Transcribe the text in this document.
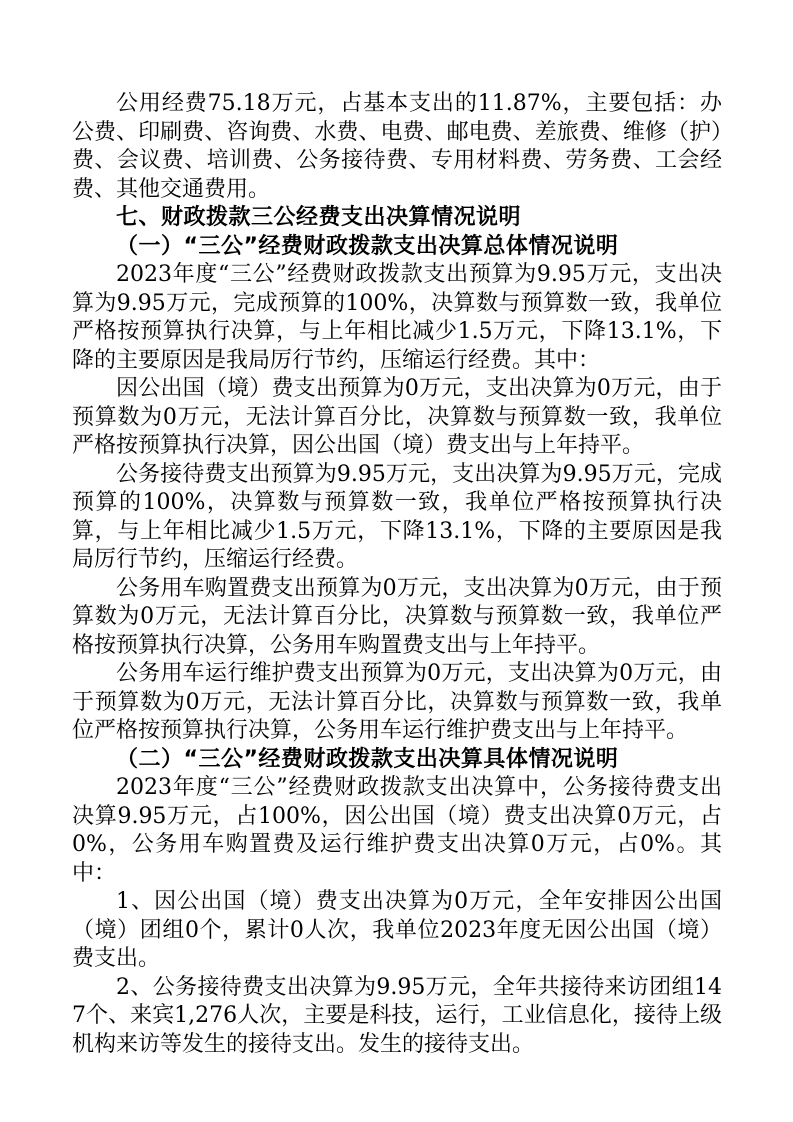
公用经费75.18万元，占基本支出的11.87%，主要包括：办公费、印刷费、咨询费、水费、电费、邮电费、差旅费、维修（护）费、会议费、培训费、公务接待费、专用材料费、劳务费、工会经费、其他交通费用。

七、财政拨款三公经费支出决算情况说明

（一）“三公”经费财政拨款支出决算总体情况说明

2023年度“三公”经费财政拨款支出预算为9.95万元，支出决算为9.95万元，完成预算的100%，决算数与预算数一致，我单位严格按预算执行决算，与上年相比减少1.5万元，下降13.1%，下降的主要原因是我局厉行节约，压缩运行经费。其中：

因公出国（境）费支出预算为0万元，支出决算为0万元，由于预算数为0万元，无法计算百分比，决算数与预算数一致，我单位严格按预算执行决算，因公出国（境）费支出与上年持平。

公务接待费支出预算为9.95万元，支出决算为9.95万元，完成预算的100%，决算数与预算数一致，我单位严格按预算执行决算，与上年相比减少1.5万元，下降13.1%，下降的主要原因是我局厉行节约，压缩运行经费。

公务用车购置费支出预算为0万元，支出决算为0万元，由于预算数为0万元，无法计算百分比，决算数与预算数一致，我单位严格按预算执行决算，公务用车购置费支出与上年持平。

公务用车运行维护费支出预算为0万元，支出决算为0万元，由于预算数为0万元，无法计算百分比，决算数与预算数一致，我单位严格按预算执行决算，公务用车运行维护费支出与上年持平。

（二）“三公”经费财政拨款支出决算具体情况说明

2023年度“三公”经费财政拨款支出决算中，公务接待费支出决算9.95万元，占100%，因公出国（境）费支出决算0万元，占0%，公务用车购置费及运行维护费支出决算0万元，占0%。其中：

1、因公出国（境）费支出决算为0万元，全年安排因公出国（境）团组0个，累计0人次，我单位2023年度无因公出国（境）费支出。

2、公务接待费支出决算为9.95万元，全年共接待来访团组147个、来宾1,276人次，主要是科技，运行，工业信息化，接待上级机构来访等发生的接待支出。发生的接待支出。
